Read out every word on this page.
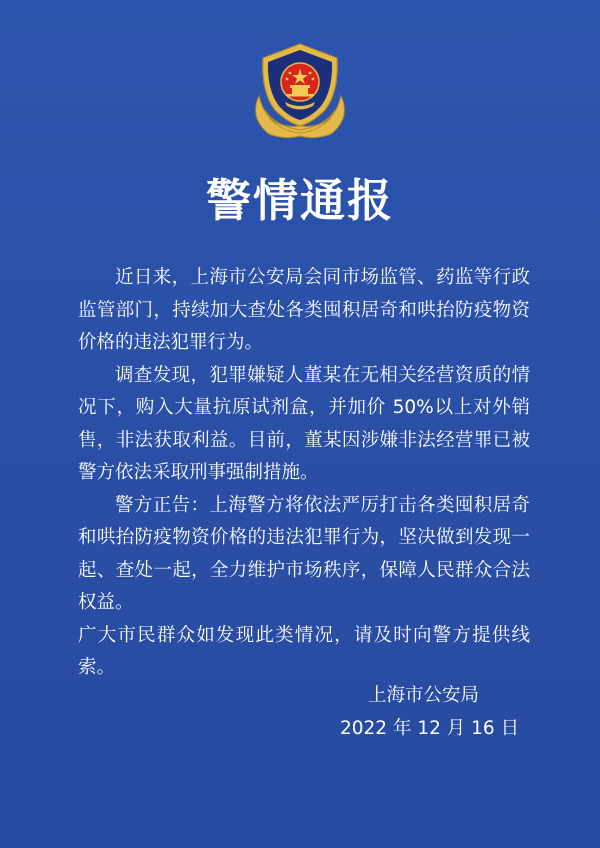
警情通报

近日来，上海市公安局会同市场监管、药监等行政监管部门，持续加大查处各类囤积居奇和哄抬防疫物资价格的违法犯罪行为。

调查发现，犯罪嫌疑人董某在无相关经营资质的情况下，购入大量抗原试剂盒，并加价 50%以上对外销售，非法获取利益。目前，董某因涉嫌非法经营罪已被警方依法采取刑事强制措施。

警方正告：上海警方将依法严厉打击各类囤积居奇和哄抬防疫物资价格的违法犯罪行为，坚决做到发现一起、查处一起，全力维护市场秩序，保障人民群众合法权益。

广大市民群众如发现此类情况，请及时向警方提供线索。

上海市公安局
2022 年 12 月 16 日
